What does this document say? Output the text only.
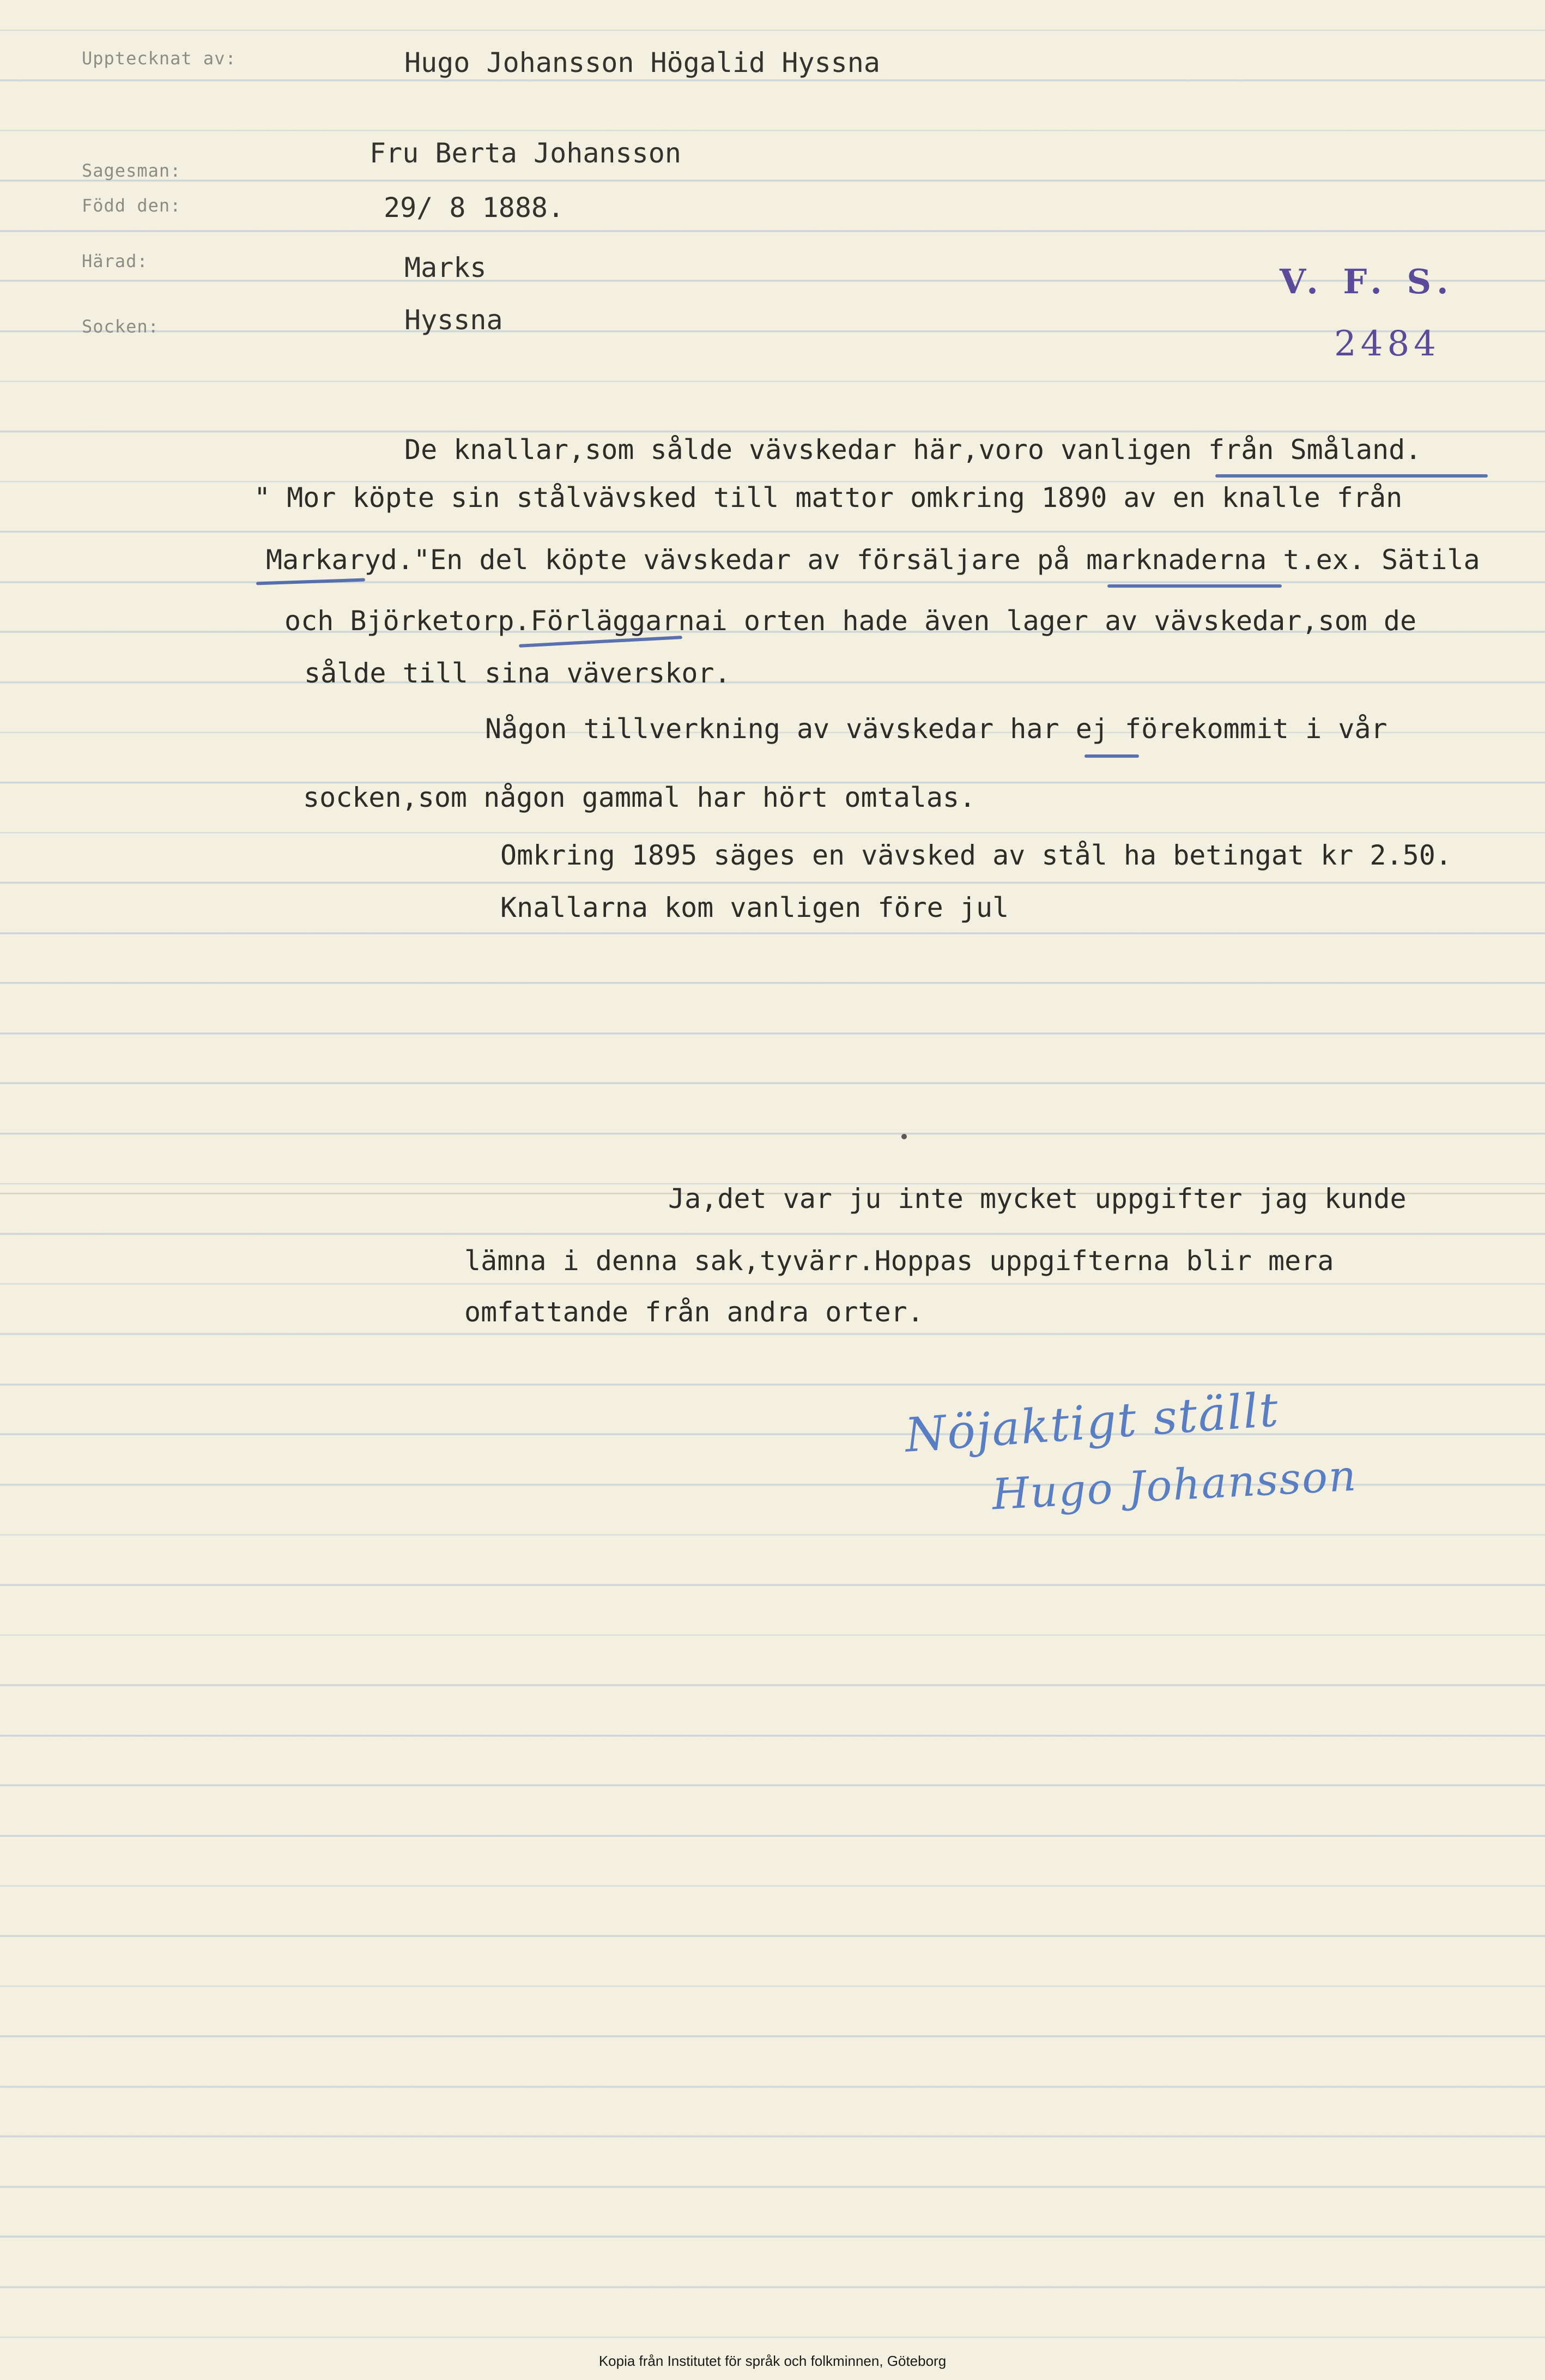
Upptecknat av:	Hugo Johansson Högalid Hyssna
Sagesman:
Fru Berta Johansson
Född den:	29/ 8 1888.
Härad:	Marks
Socken:	Hyssna
V. F. S.
2484
De knallar,som sålde vävskedar här,voro vanligen från Småland.
" Mor köpte sin stålvävsked till mattor omkring 1890 av en knalle från
Markaryd."En del köpte vävskedar av försäljare på marknaderna t.ex. Sätila
och Björketorp.Förläggarnai orten hade även lager av vävskedar,som de
sålde till sina väverskor.
Någon tillverkning av vävskedar har ej förekommit i vår
socken,som någon gammal har hört omtalas.
Omkring 1895 säges en vävsked av stål ha betingat kr 2.50.
Knallarna kom vanligen före jul
Ja,det var ju inte mycket uppgifter jag kunde
lämna i denna sak,tyvärr.Hoppas uppgifterna blir mera
omfattande från andra orter.
Nöjaktigt ställt
Hugo Johansson
Kopia från Institutet för språk och folkminnen, Göteborg
